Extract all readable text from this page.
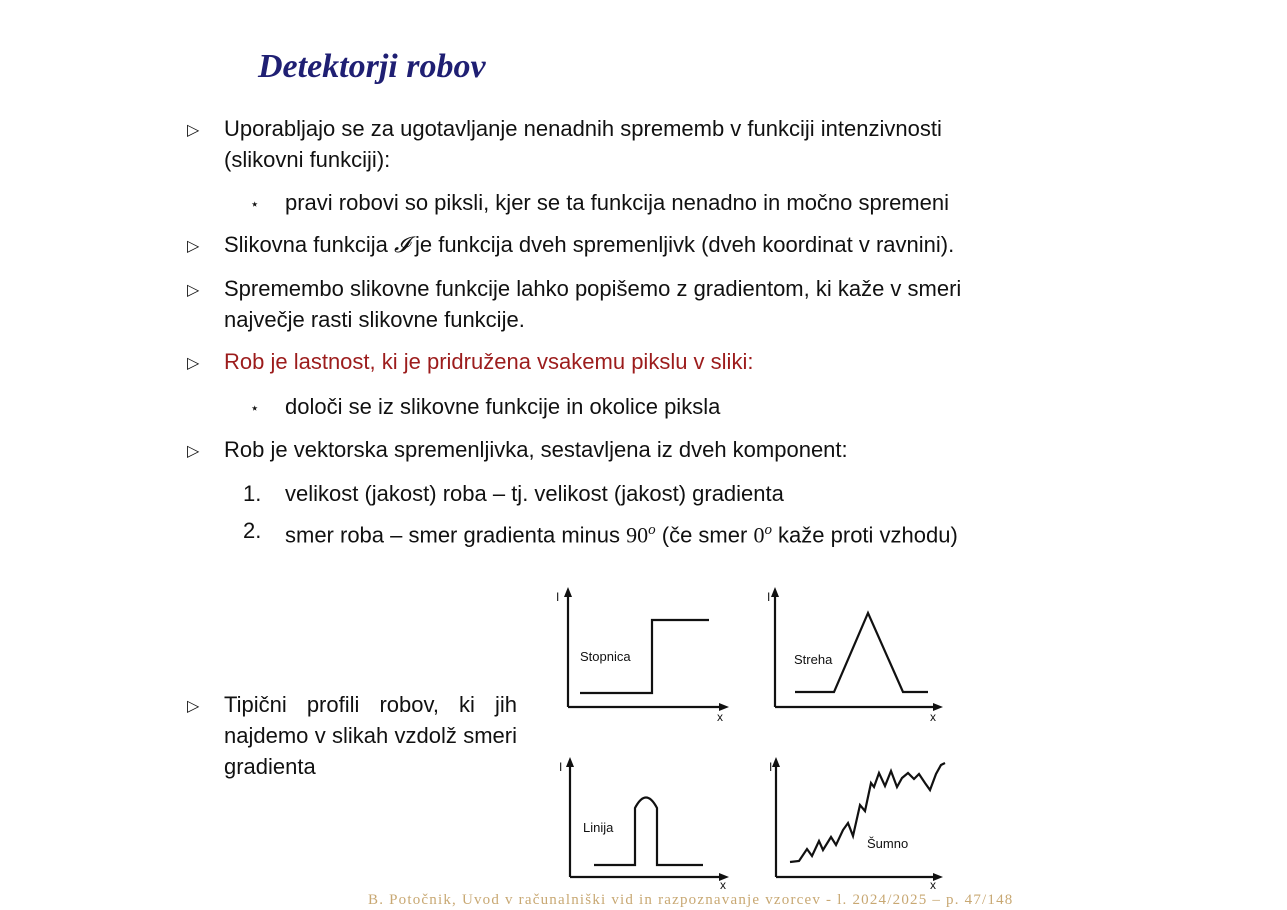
Detektorji robov
▷ Uporabljajo se za ugotavljanje nenadnih sprememb v funkciji intenzivnosti
(slikovni funkciji):
⋆ pravi robovi so piksli, kjer se ta funkcija nenadno in močno spremeni
▷ Slikovna funkcija 𝓘 je funkcija dveh spremenljivk (dveh koordinat v ravnini).
▷ Spremembo slikovne funkcije lahko popišemo z gradientom, ki kaže v smeri
največje rasti slikovne funkcije.
▷ Rob je lastnost, ki je pridružena vsakemu pikslu v sliki:
⋆ določi se iz slikovne funkcije in okolice piksla
▷ Rob je vektorska spremenljivka, sestavljena iz dveh komponent:
1. velikost (jakost) roba – tj. velikost (jakost) gradienta
2. smer roba – smer gradienta minus 90$^o$ (če smer 0$^o$ kaže proti vzhodu)
▷ Tipični profili robov, ki jih najdemo v slikah vzdolž smeri gradienta
I
x
I
x
I
x
I
x
Stopnica	Streha
Linija
Šumno
B. Potočnik, Uvod v računalniški vid in razpoznavanje vzorcev - l. 2024/2025 – p. 47/148
